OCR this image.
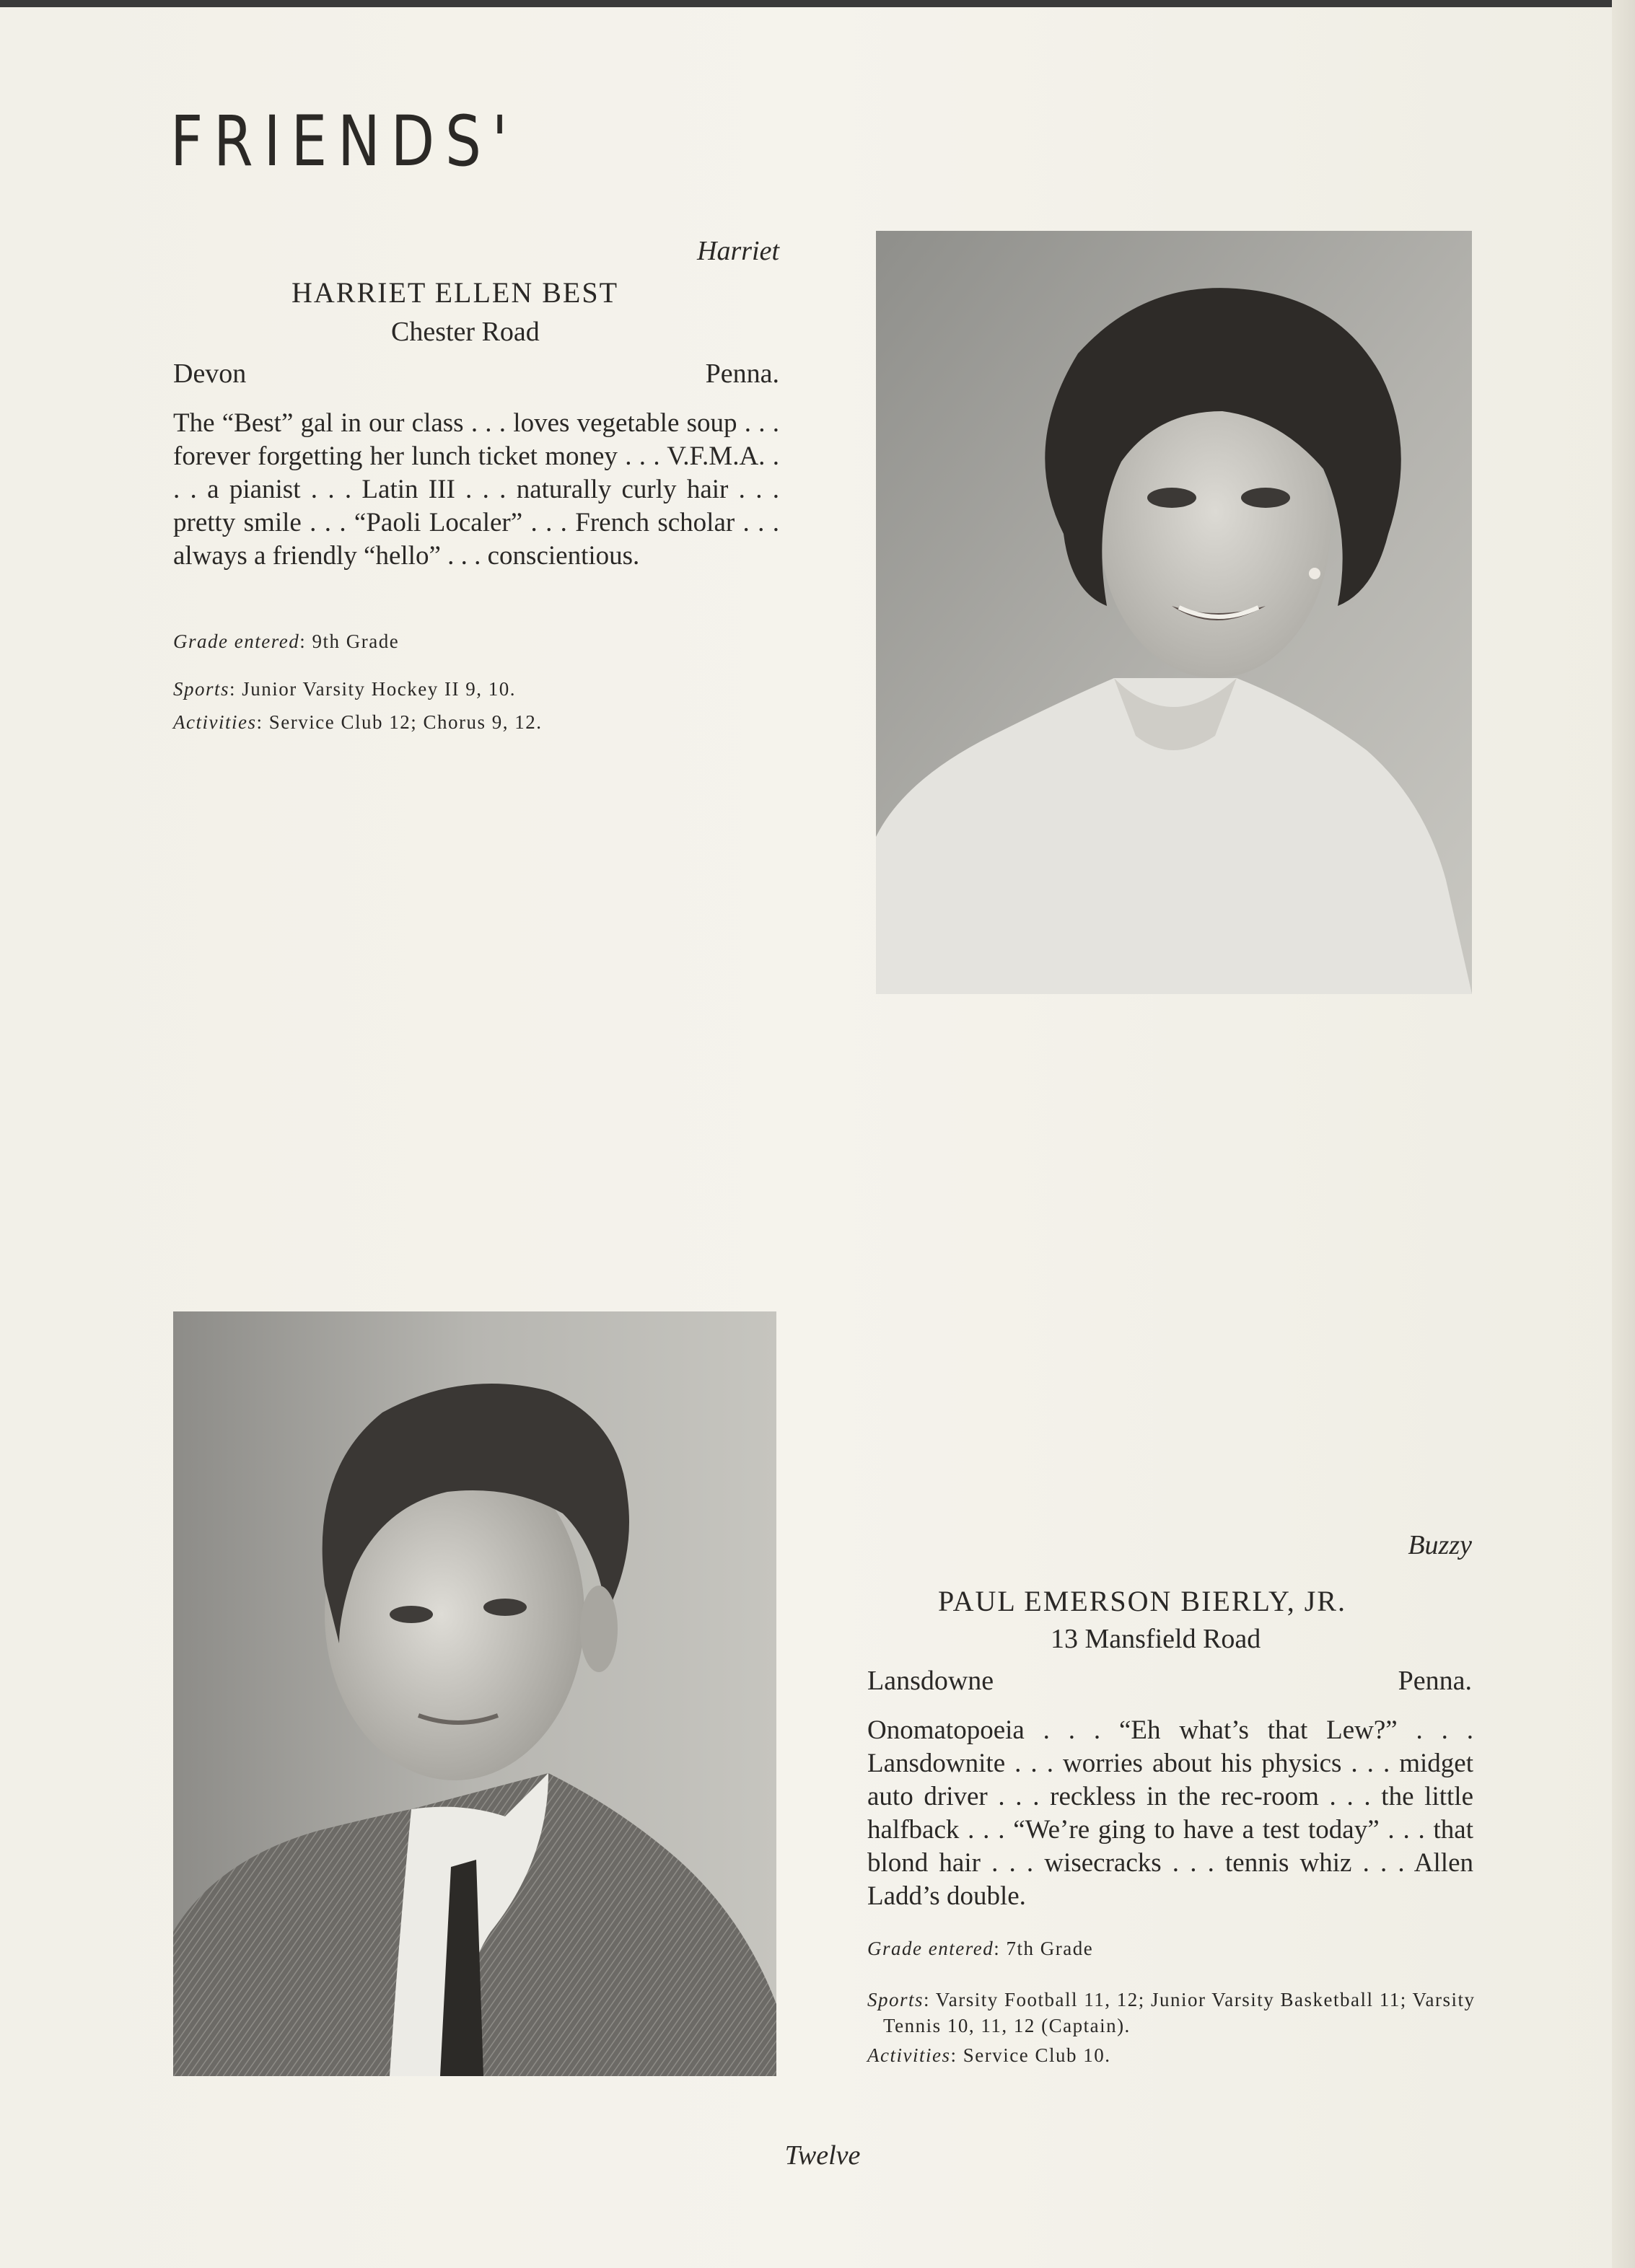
FRIENDS'
Harriet
HARRIET ELLEN BEST
Chester Road
Devon	Penna.
The “Best” gal in our class . . . loves vegetable soup . . . forever forgetting her lunch ticket money . . . V.F.M.A. . . . a pianist . . . Latin III . . . naturally curly hair . . . pretty smile . . . “Paoli Localer” . . . French scholar . . . always a friendly “hello” . . . conscientious.
Grade entered: 9th Grade
Sports: Junior Varsity Hockey II 9, 10.
Activities: Service Club 12; Chorus 9, 12.
Buzzy
PAUL EMERSON BIERLY, JR.
13 Mansfield Road
Lansdowne	Penna.
Onomatopoeia . . . “Eh what’s that Lew?” . . . Lansdownite . . . worries about his physics . . . midget auto driver . . . reckless in the rec-room . . . the little halfback . . . “We’re ging to have a test today” . . . that blond hair . . . wisecracks . . . tennis whiz . . . Allen Ladd’s double.
Grade entered: 7th Grade
Sports: Varsity Football 11, 12; Junior Varsity Basketball 11; Varsity Tennis 10, 11, 12 (Captain).
Activities: Service Club 10.
Twelve
